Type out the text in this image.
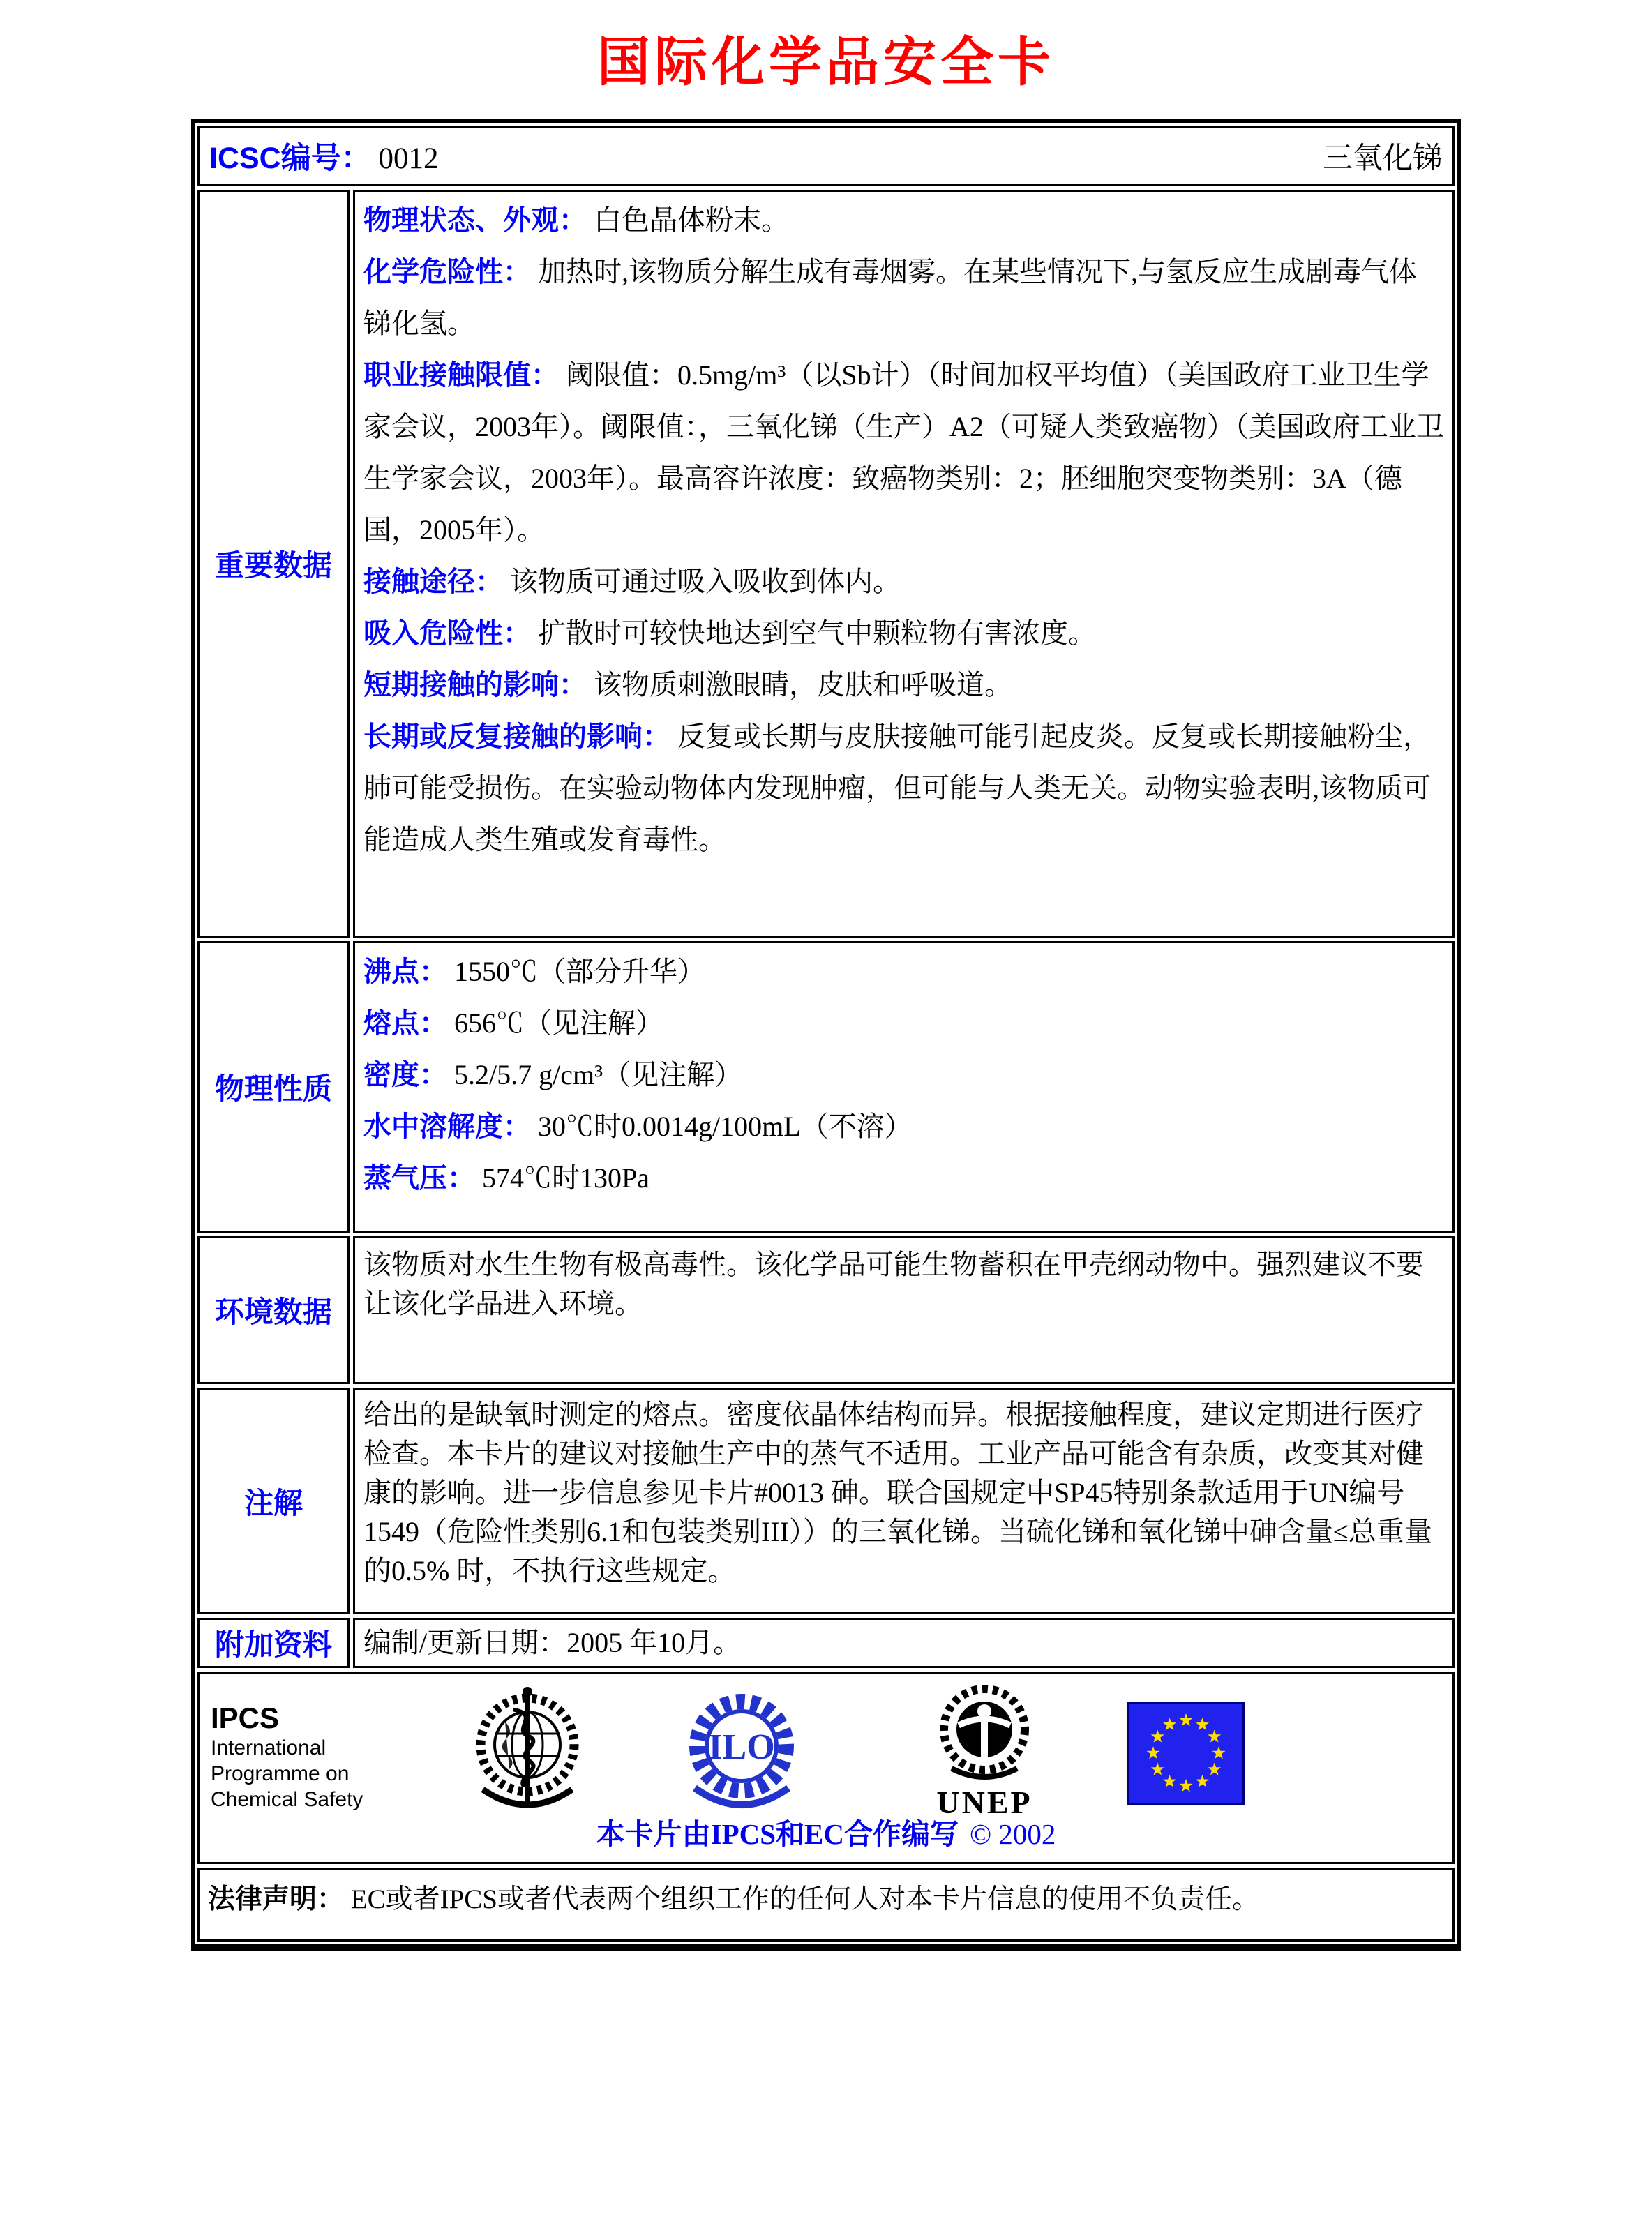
国际化学品安全卡
ICSC编号： 0012	三氧化锑
重要数据

物理状态、外观： 白色晶体粉末。

化学危险性： 加热时,该物质分解生成有毒烟雾。在某些情况下,与氢反应生成剧毒气体锑化氢。

职业接触限值： 阈限值：0.5mg/m³（以Sb计）（时间加权平均值）（美国政府工业卫生学家会议，2003年）。阈限值：，三氧化锑（生产）A2（可疑人类致癌物）（美国政府工业卫生学家会议，2003年）。最高容许浓度：致癌物类别：2；胚细胞突变物类别：3A（德国，2005年）。

接触途径： 该物质可通过吸入吸收到体内。

吸入危险性： 扩散时可较快地达到空气中颗粒物有害浓度。

短期接触的影响： 该物质刺激眼睛，皮肤和呼吸道。

长期或反复接触的影响： 反复或长期与皮肤接触可能引起皮炎。反复或长期接触粉尘，肺可能受损伤。在实验动物体内发现肿瘤，但可能与人类无关。动物实验表明,该物质可能造成人类生殖或发育毒性。

物理性质

沸点： 1550℃（部分升华）

熔点： 656℃（见注解）

密度： 5.2/5.7 g/cm³（见注解）

水中溶解度： 30℃时0.0014g/100mL（不溶）

蒸气压： 574℃时130Pa

环境数据
该物质对水生生物有极高毒性。该化学品可能生物蓄积在甲壳纲动物中。强烈建议不要让该化学品进入环境。
注解
给出的是缺氧时测定的熔点。密度依晶体结构而异。根据接触程度，建议定期进行医疗检查。本卡片的建议对接触生产中的蒸气不适用。工业产品可能含有杂质，改变其对健康的影响。进一步信息参见卡片#0013 砷。联合国规定中SP45特别条款适用于UN编号1549（危险性类别6.1和包装类别III））的三氧化锑。当硫化锑和氧化锑中砷含量≤总重量的0.5% 时，不执行这些规定。
附加资料	编制/更新日期：2005 年10月。
IPCS
International
Programme on
Chemical Safety
ILO
UNEP
本卡片由IPCS和EC合作编写 © 2002
法律声明： EC或者IPCS或者代表两个组织工作的任何人对本卡片信息的使用不负责任。
